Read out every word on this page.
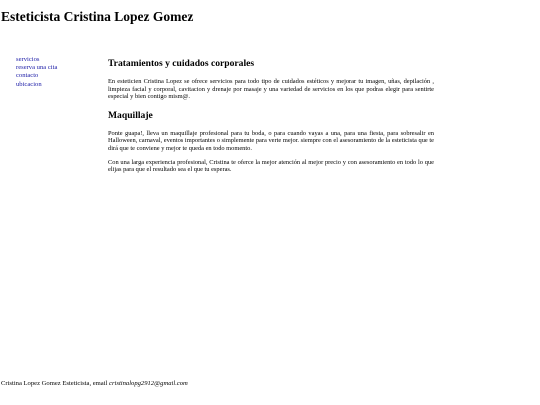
Esteticista Cristina Lopez Gomez
servicios
reserva una cita
contacto
ubicacion
Tratamientos y cuidados corporales

En esteticien Cristina Lopez se ofrece servicios para todo tipo de cuidados estéticos y mejorar tu imagen, uñas, depilación , limpieza facial y corporal, cavitacion y drenaje por masaje y una variedad de servicios en los que podras elegir para sentirte especial y bien contigo mism@.

Maquillaje

Ponte guapa!, lleva un maquillaje profesional para tu boda, o para cuando vayas a una, para una fiesta, para sobresalir en Halloween, carnaval, eventos importantes o simplemente para verte mejor. siempre con el asesoramiento de la esteticista que te dirá que te conviene y mejor te queda en todo momento.

Con una larga experiencia profesional, Cristina te oferce la mejor atención al mejor precio y con asesoramiento en todo lo que elijas para que el resultado sea el que tu esperas.

Cristina Lopez Gomez Esteticista, email cristinalopg2912@gmail.com
